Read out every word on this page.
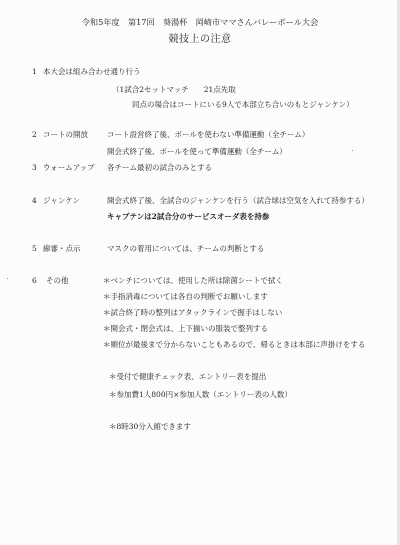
令和5年度　第17回　葵湯杯　岡崎市ママさんバレーボール大会
競技上の注意
1 本大会は組み合わせ通り行う
（1試合2セットマッチ　　21点先取
同点の場合はコートにいる9人で本部立ち合いのもとジャンケン）
2 コートの開放	コート設営終了後、ボールを使わない準備運動（全チーム）
開会式終了後、ボールを使って準備運動（全チーム）
3 ウォームアップ 各チーム最初の試合のみとする
4 ジャンケン	開会式終了後、全試合のジャンケンを行う（試合球は空気を入れて持参する）
キャプテンは2試合分のサービスオーダ表を持参
5 線審・点示	マスクの着用については、チームの判断とする
6 その他	＊ベンチについては、使用した所は除菌シートで拭く
＊手指消毒については各自の判断でお願いします
＊試合終了時の整列はアタックラインで握手はしない
＊開会式・閉会式は、上下揃いの服装で整列する
＊順位が最後まで分からないこともあるので、帰るときは本部に声掛けをする
＊受付で健康チェック表、エントリー表を提出
＊参加費1人800円×参加人数（エントリー表の人数）
＊8時30分入館できます
